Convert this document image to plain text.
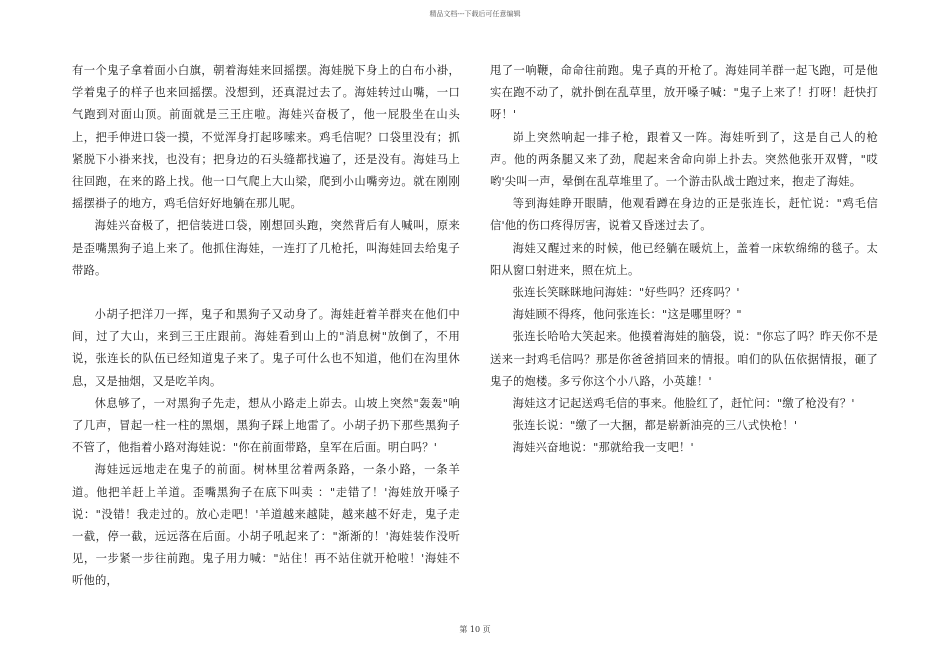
精品文档---下载后可任意编辑

有一个鬼子拿着面小白旗，朝着海娃来回摇摆。海娃脱下身上的白布小褂，学着鬼子的样子也来回摇摆。没想到，还真混过去了。海娃转过山嘴，一口气跑到对面山顶。前面就是三王庄啦。海娃兴奋极了，他一屁股坐在山头上，把手伸进口袋一摸，不觉浑身打起哆嗦来。鸡毛信呢？口袋里没有；抓紧脱下小褂来找，也没有；把身边的石头缝都找遍了，还是没有。海娃马上往回跑，在来的路上找。他一口气爬上大山梁，爬到小山嘴旁边。就在刚刚摇摆褂子的地方，鸡毛信好好地躺在那儿呢。

海娃兴奋极了，把信装进口袋，刚想回头跑，突然背后有人喊叫，原来是歪嘴黑狗子追上来了。他抓住海娃，一连打了几枪托，叫海娃回去给鬼子带路。

小胡子把洋刀一挥，鬼子和黑狗子又动身了。海娃赶着羊群夹在他们中间，过了大山，来到三王庄跟前。海娃看到山上的"消息树"放倒了，不用说，张连长的队伍已经知道鬼子来了。鬼子可什么也不知道，他们在沟里休息，又是抽烟，又是吃羊肉。

休息够了，一对黑狗子先走，想从小路走上峁去。山坡上突然"轰轰"响了几声，冒起一柱一柱的黑烟，黑狗子踩上地雷了。小胡子扔下那些黑狗子不管了，他指着小路对海娃说："你在前面带路，皇军在后面。明白吗？'

海娃远远地走在鬼子的前面。树林里岔着两条路，一条小路，一条羊道。他把羊赶上羊道。歪嘴黑狗子在底下叫卖 ："走错了！'海娃放开嗓子说："没错！我走过的。放心走吧！'羊道越来越陡，越来越不好走，鬼子走一截，停一截，远远落在后面。小胡子吼起来了："渐渐的！'海娃装作没听见，一步紧一步往前跑。鬼子用力喊："站住！再不站住就开枪啦！'海娃不听他的，

甩了一响鞭，命命往前跑。鬼子真的开枪了。海娃同羊群一起飞跑，可是他实在跑不动了，就扑倒在乱草里，放开嗓子喊："鬼子上来了！打呀！赶快打呀！'

峁上突然响起一排子枪，跟着又一阵。海娃听到了，这是自己人的枪声。他的两条腿又来了劲，爬起来舍命向峁上扑去。突然他张开双臂，"哎哟'尖叫一声，晕倒在乱草堆里了。一个游击队战士跑过来，抱走了海娃。

等到海娃睁开眼睛，他观看蹲在身边的正是张连长，赶忙说："鸡毛信信'他的伤口疼得厉害，说着又昏迷过去了。

海娃又醒过来的时候，他已经躺在暖炕上，盖着一床软绵绵的毯子。太阳从窗口射进来，照在炕上。

张连长笑眯眯地问海娃："好些吗？还疼吗？'

海娃顾不得疼，他问张连长："这是哪里呀？"

张连长哈哈大笑起来。他摸着海娃的脑袋，说："你忘了吗？昨天你不是送来一封鸡毛信吗？那是你爸爸捎回来的情报。咱们的队伍依据情报，砸了鬼子的炮楼。多亏你这个小八路，小英雄！'

海娃这才记起送鸡毛信的事来。他脸红了，赶忙问："缴了枪没有？'

张连长说："缴了一大捆，都是崭新油亮的三八式快枪！'

海娃兴奋地说："那就给我一支吧！'

第 10 页
